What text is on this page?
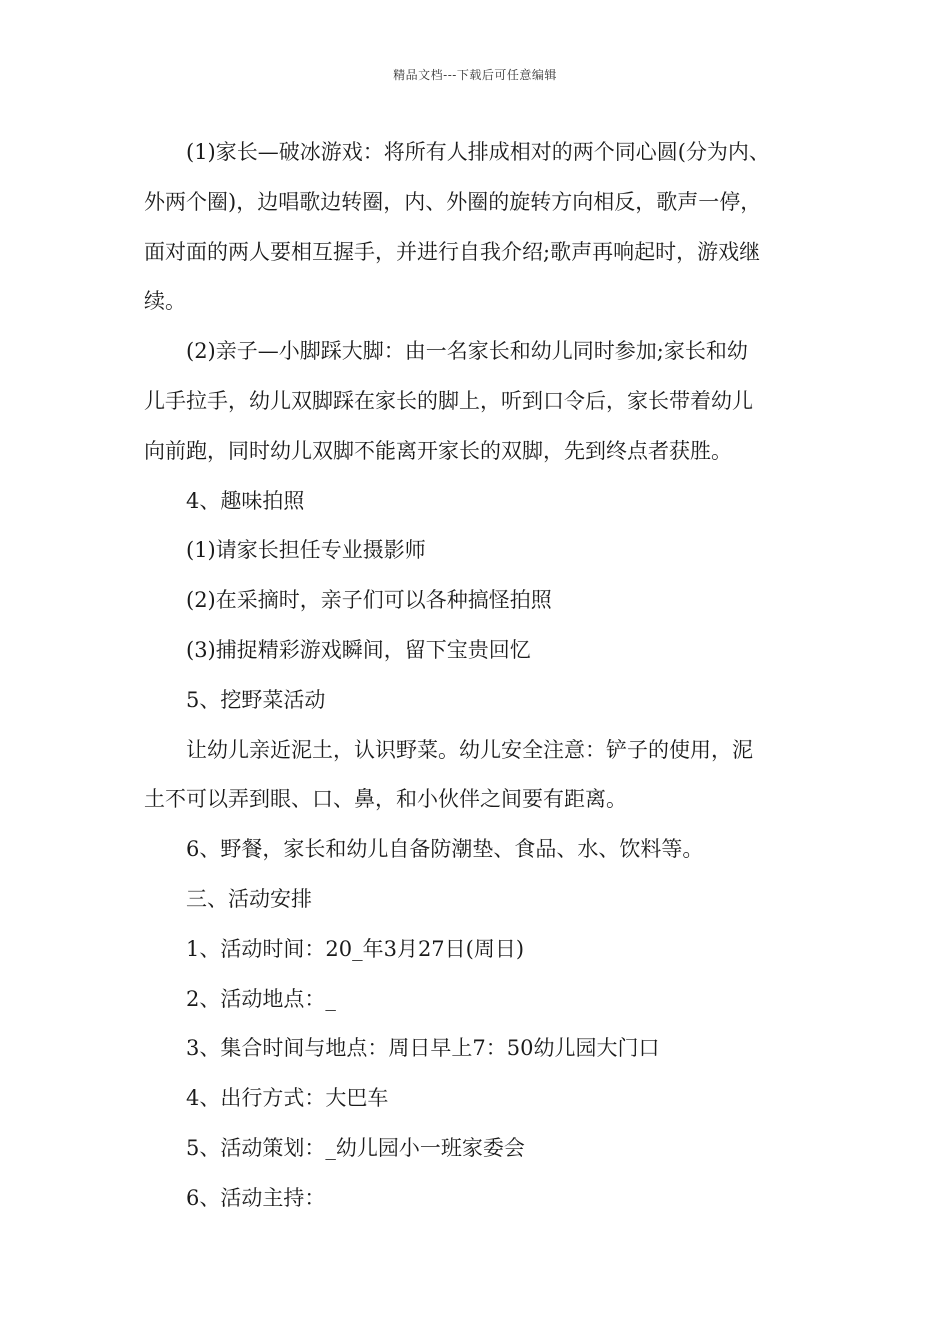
精品文档---下载后可任意编辑

(1)家长—破冰游戏：将所有人排成相对的两个同心圆(分为内、

外两个圈)，边唱歌边转圈，内、外圈的旋转方向相反，歌声一停，

面对面的两人要相互握手，并进行自我介绍;歌声再响起时，游戏继

续。

(2)亲子—小脚踩大脚：由一名家长和幼儿同时参加;家长和幼

儿手拉手，幼儿双脚踩在家长的脚上，听到口令后，家长带着幼儿

向前跑，同时幼儿双脚不能离开家长的双脚，先到终点者获胜。

4、趣味拍照

(1)请家长担任专业摄影师

(2)在采摘时，亲子们可以各种搞怪拍照

(3)捕捉精彩游戏瞬间，留下宝贵回忆

5、挖野菜活动

让幼儿亲近泥土，认识野菜。幼儿安全注意：铲子的使用，泥

土不可以弄到眼、口、鼻，和小伙伴之间要有距离。

6、野餐，家长和幼儿自备防潮垫、食品、水、饮料等。

三、活动安排

1、活动时间：20_年3月27日(周日)

2、活动地点：_

3、集合时间与地点：周日早上7：50幼儿园大门口

4、出行方式：大巴车

5、活动策划：_幼儿园小一班家委会

6、活动主持：
